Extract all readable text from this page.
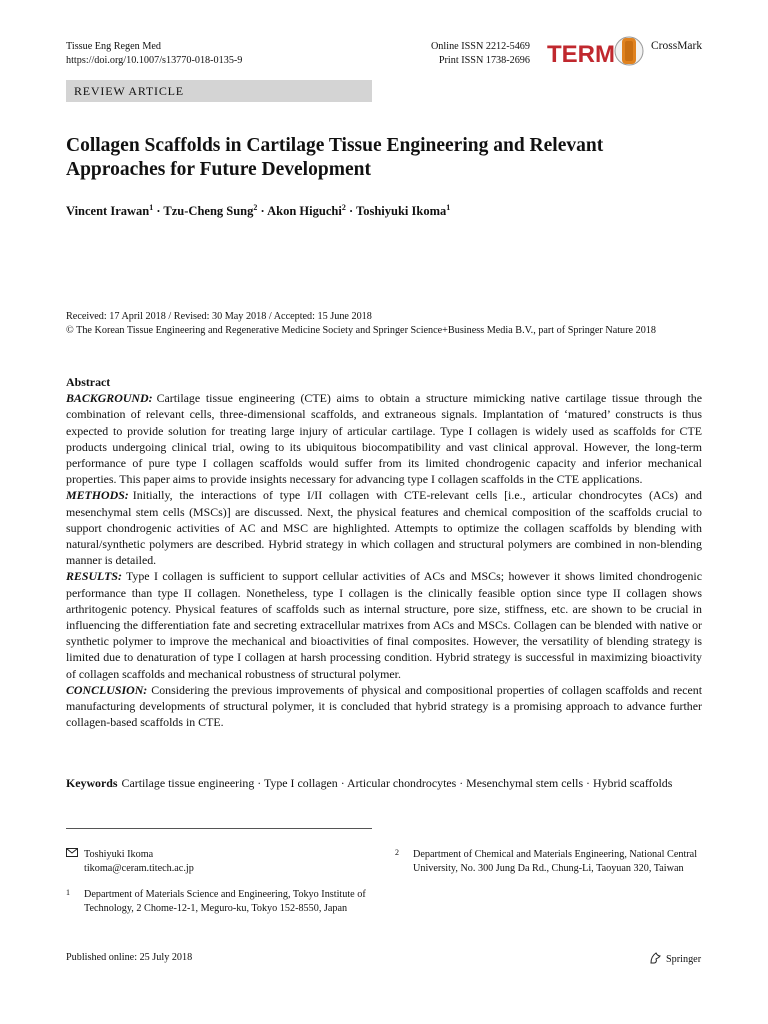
Tissue Eng Regen Med
https://doi.org/10.1007/s13770-018-0135-9
Online ISSN 2212-5469
Print ISSN 1738-2696 TERM	CrossMark
REVIEW ARTICLE
Collagen Scaffolds in Cartilage Tissue Engineering and Relevant Approaches for Future Development
Vincent Irawan$^1$ · Tzu-Cheng Sung$^2$ · Akon Higuchi$^2$ · Toshiyuki Ikoma$^1$
Received: 17 April 2018 / Revised: 30 May 2018 / Accepted: 15 June 2018
© The Korean Tissue Engineering and Regenerative Medicine Society and Springer Science+Business Media B.V., part of Springer Nature 2018
Abstract

BACKGROUND: Cartilage tissue engineering (CTE) aims to obtain a structure mimicking native cartilage tissue through the combination of relevant cells, three-dimensional scaffolds, and extraneous signals. Implantation of ‘matured’ constructs is thus expected to provide solution for treating large injury of articular cartilage. Type I collagen is widely used as scaffolds for CTE products undergoing clinical trial, owing to its ubiquitous biocompatibility and vast clinical approval. However, the long-term performance of pure type I collagen scaffolds would suffer from its limited chondrogenic capacity and inferior mechanical properties. This paper aims to provide insights necessary for advancing type I collagen scaffolds in the CTE applications.

METHODS: Initially, the interactions of type I/II collagen with CTE-relevant cells [i.e., articular chondrocytes (ACs) and mesenchymal stem cells (MSCs)] are discussed. Next, the physical features and chemical composition of the scaffolds crucial to support chondrogenic activities of AC and MSC are highlighted. Attempts to optimize the collagen scaffolds by blending with natural/synthetic polymers are described. Hybrid strategy in which collagen and structural polymers are combined in non-blending manner is detailed.

RESULTS: Type I collagen is sufficient to support cellular activities of ACs and MSCs; however it shows limited chondrogenic performance than type II collagen. Nonetheless, type I collagen is the clinically feasible option since type II collagen shows arthritogenic potency. Physical features of scaffolds such as internal structure, pore size, stiffness, etc. are shown to be crucial in influencing the differentiation fate and secreting extracellular matrixes from ACs and MSCs. Collagen can be blended with native or synthetic polymer to improve the mechanical and bioactivities of final composites. However, the versatility of blending strategy is limited due to denaturation of type I collagen at harsh processing condition. Hybrid strategy is successful in maximizing bioactivity of collagen scaffolds and mechanical robustness of structural polymer.

CONCLUSION: Considering the previous improvements of physical and compositional properties of collagen scaffolds and recent manufacturing developments of structural polymer, it is concluded that hybrid strategy is a promising approach to advance further collagen-based scaffolds in CTE.

Keywords Cartilage tissue engineering · Type I collagen · Articular chondrocytes · Mesenchymal stem cells · Hybrid scaffolds
Toshiyuki Ikoma
tikoma@ceram.titech.ac.jp
1	Department of Materials Science and Engineering, Tokyo Institute of Technology, 2 Chome-12-1, Meguro-ku, Tokyo 152-8550, Japan
2	Department of Chemical and Materials Engineering, National Central University, No. 300 Jung Da Rd., Chung-Li, Taoyuan 320, Taiwan
Published online: 25 July 2018	Springer
